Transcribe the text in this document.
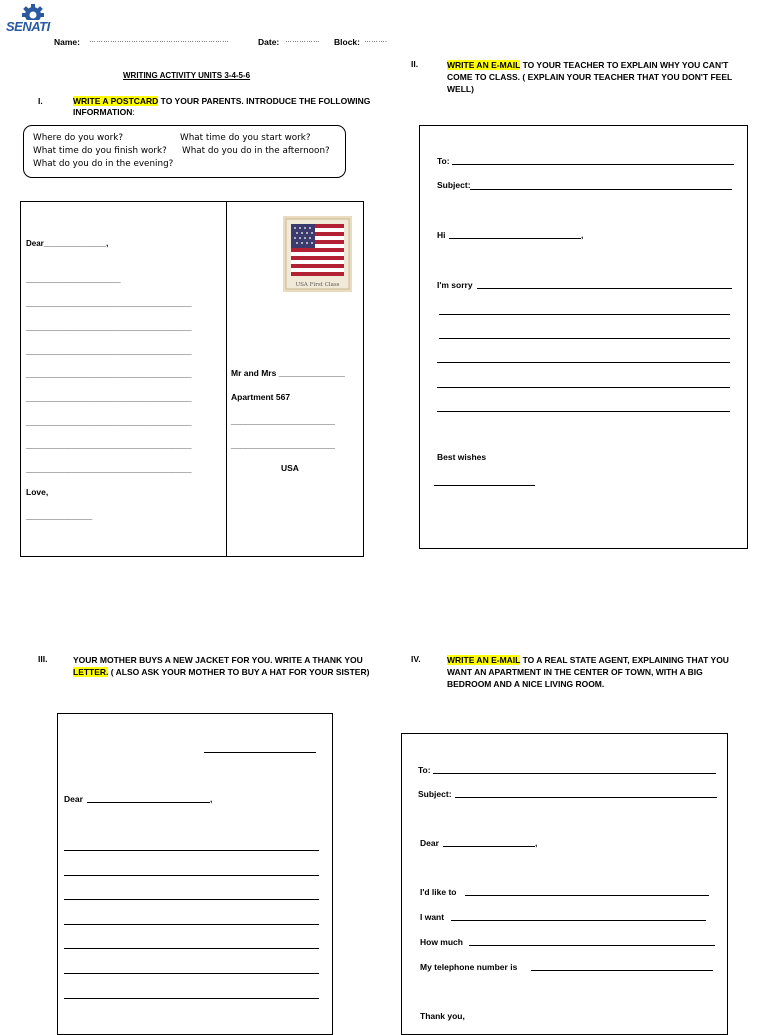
SENATI
Name: ……………………………………………………	Date: …………… Block: ……….
WRITING ACTIVITY UNITS 3-4-5-6
I.	WRITE A POSTCARD TO YOUR PARENTS. INTRODUCE THE FOLLOWING
INFORMATION:
Where do you work?	What time do you start work?
What time do you finish work? What do you do in the afternoon?
What do you do in the evening?
Dear______________,
____________________
___________________________________
___________________________________
___________________________________
___________________________________
___________________________________
___________________________________
___________________________________
___________________________________
Love,
______________
USA First Class
Mr and Mrs ______________
Apartment 567
______________________
______________________
USA
II.	WRITE AN E-MAIL TO YOUR TEACHER TO EXPLAIN WHY YOU CAN'T
COME TO CLASS. ( EXPLAIN YOUR TEACHER THAT YOU DON'T FEEL
WELL)
To:
Subject:
Hi	,
I'm sorry
Best wishes
III.	YOUR MOTHER BUYS A NEW JACKET FOR YOU. WRITE A THANK YOU
LETTER. ( ALSO ASK YOUR MOTHER TO BUY A HAT FOR YOUR SISTER)
Dear	,
IV.	WRITE AN E-MAIL TO A REAL STATE AGENT, EXPLAINING THAT YOU
WANT AN APARTMENT IN THE CENTER OF TOWN, WITH A BIG
BEDROOM AND A NICE LIVING ROOM.
To:
Subject:
Dear	,
I'd like to
I want
How much
My telephone number is
Thank you,
